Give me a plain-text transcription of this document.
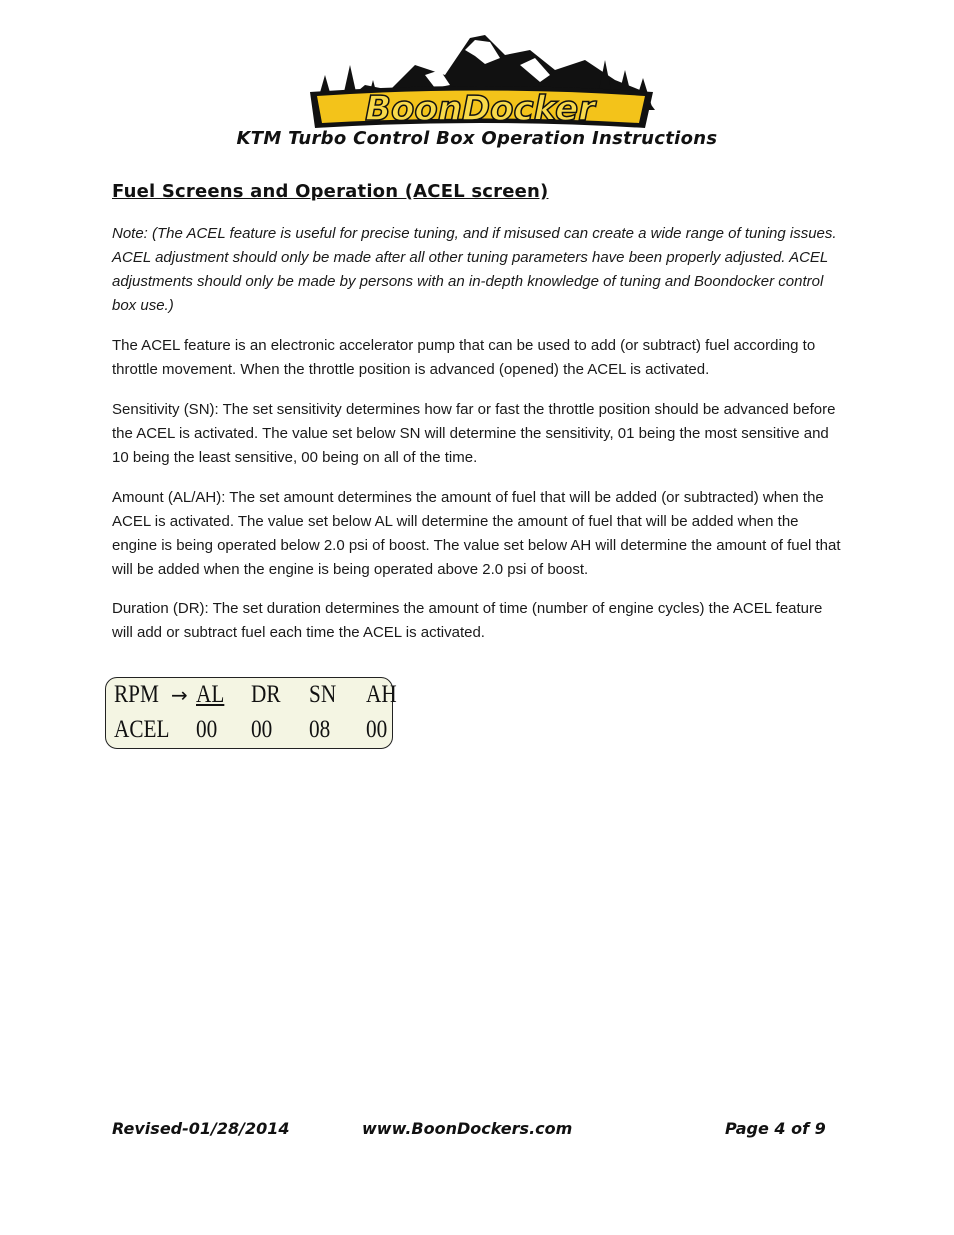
BoonDocker
KTM Turbo Control Box Operation Instructions
Fuel Screens and Operation (ACEL screen)

Note: (The ACEL feature is useful for precise tuning, and if misused can create a wide range of tuning issues. ACEL adjustment should only be made after all other tuning parameters have been properly adjusted. ACEL adjustments should only be made by persons with an in-depth knowledge of tuning and Boondocker control box use.)

The ACEL feature is an electronic accelerator pump that can be used to add (or subtract) fuel according to throttle movement. When the throttle position is advanced (opened) the ACEL is activated.

Sensitivity (SN): The set sensitivity determines how far or fast the throttle position should be advanced before the ACEL is activated. The value set below SN will determine the sensitivity, 01 being the most sensitive and 10 being the least sensitive, 00 being on all of the time.

Amount (AL/AH): The set amount determines the amount of fuel that will be added (or subtracted) when the ACEL is activated. The value set below AL will determine the amount of fuel that will be added when the engine is being operated below 2.0 psi of boost. The value set below AH will determine the amount of fuel that will be added when the engine is being operated above 2.0 psi of boost.

Duration (DR): The set duration determines the amount of time (number of engine cycles) the ACEL feature will add or subtract fuel each time the ACEL is activated.

RPM → AL DR SN AH
ACEL 00 00 08 00
Revised-01/28/2014	www.BoonDockers.com	Page 4 of 9
